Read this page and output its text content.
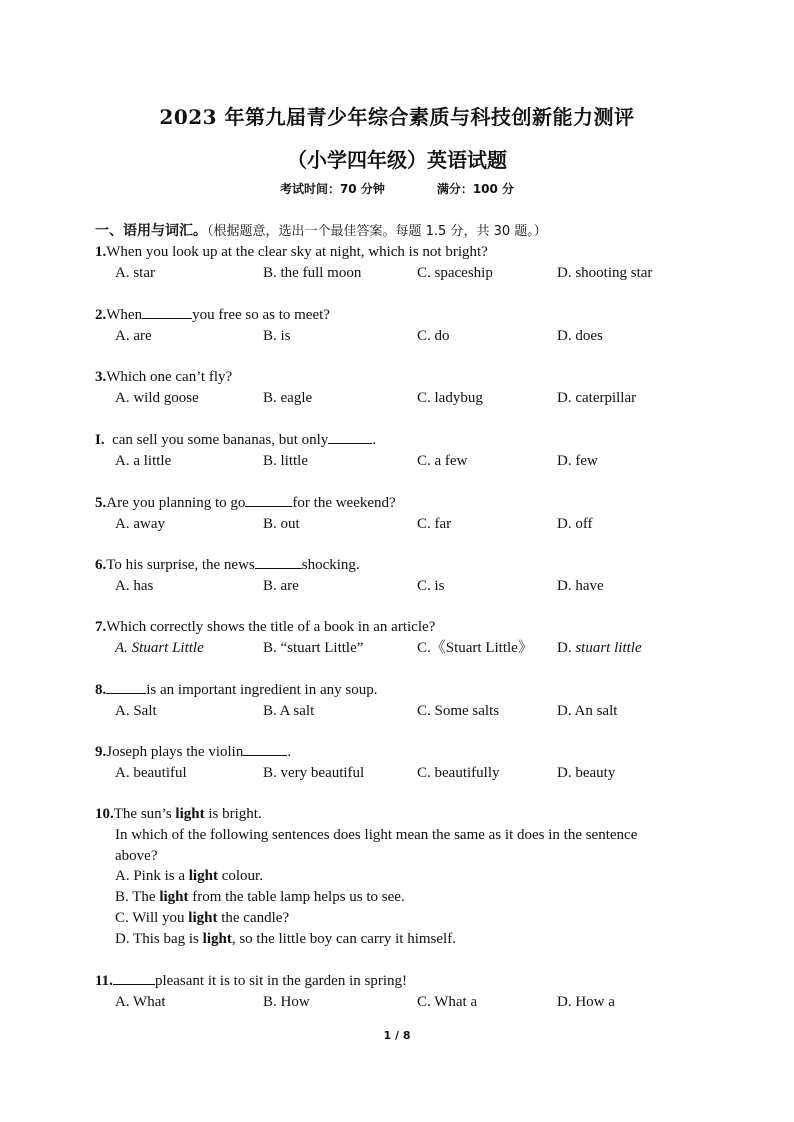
2023 年第九届青少年综合素质与科技创新能力测评
（小学四年级）英语试题
考试时间：70 分钟	满分：100 分
一、语用与词汇。（根据题意，选出一个最佳答案。每题 1.5 分，共 30 题。）
1.When you look up at the clear sky at night, which is not bright?
A. star	B. the full moon	C. spaceship	D. shooting star
2.When	you free so as to meet?
A. are	B. is	C. do	D. does
3.Which one can’t fly?
A. wild goose	B. eagle	C. ladybug	D. caterpillar
I. can sell you some bananas, but only	.
A. a little	B. little	C. a few	D. few
5.Are you planning to go	for the weekend?
A. away	B. out	C. far	D. off
6.To his surprise, the news	shocking.
A. has	B. are	C. is	D. have
7.Which correctly shows the title of a book in an article?
A. Stuart Little	B. “stuart Little”	C.《Stuart Little》 D. stuart little
8.	is an important ingredient in any soup.
A. Salt	B. A salt	C. Some salts	D. An salt
9.Joseph plays the violin	.
A. beautiful	B. very beautiful	C. beautifully	D. beauty
10.The sun’s light is bright.
In which of the following sentences does light mean the same as it does in the sentence
above?
A. Pink is a light colour.
B. The light from the table lamp helps us to see.
C. Will you light the candle?
D. This bag is light, so the little boy can carry it himself.
11.	pleasant it is to sit in the garden in spring!
A. What	B. How	C. What a	D. How a
1 / 8
